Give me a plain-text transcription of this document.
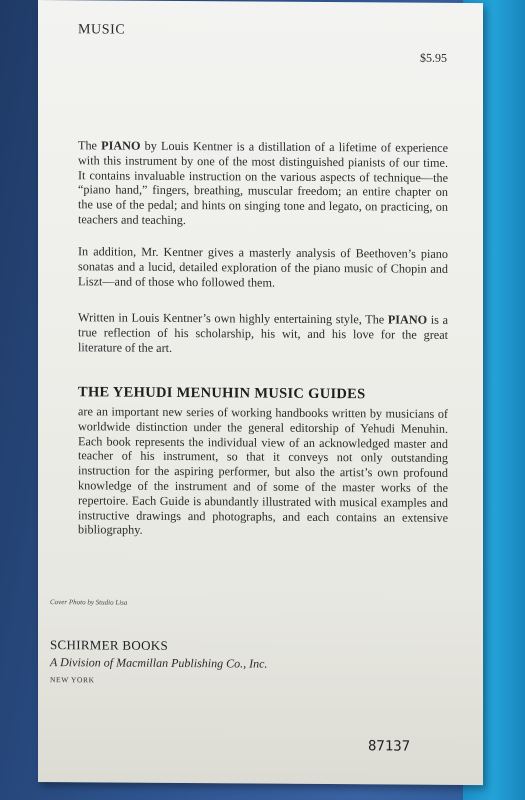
MUSIC
$5.95
The PIANO by Louis Kentner is a distillation of a lifetime of experience with this instrument by one of the most distinguished pianists of our time. It contains invaluable instruction on the various aspects of technique—the “piano hand,” fingers, breathing, muscular freedom; an entire chapter on the use of the pedal; and hints on singing tone and legato, on practicing, on teachers and teaching.
In addition, Mr. Kentner gives a masterly analysis of Beethoven’s piano sonatas and a lucid, detailed exploration of the piano music of Chopin and Liszt—and of those who followed them.
Written in Louis Kentner’s own highly entertaining style, The PIANO is a true reflection of his scholarship, his wit, and his love for the great literature of the art.
THE YEHUDI MENUHIN MUSIC GUIDES
are an important new series of working handbooks written by musicians of worldwide distinction under the general editorship of Yehudi Menuhin. Each book represents the individual view of an acknowledged master and teacher of his instrument, so that it conveys not only outstanding instruction for the aspiring performer, but also the artist’s own profound knowledge of the instrument and of some of the master works of the repertoire. Each Guide is abundantly illustrated with musical examples and instructive drawings and photographs, and each contains an extensive bibliography.
Cover Photo by Studio Lisa
SCHIRMER BOOKS
A Division of Macmillan Publishing Co., Inc.
NEW YORK
87137
